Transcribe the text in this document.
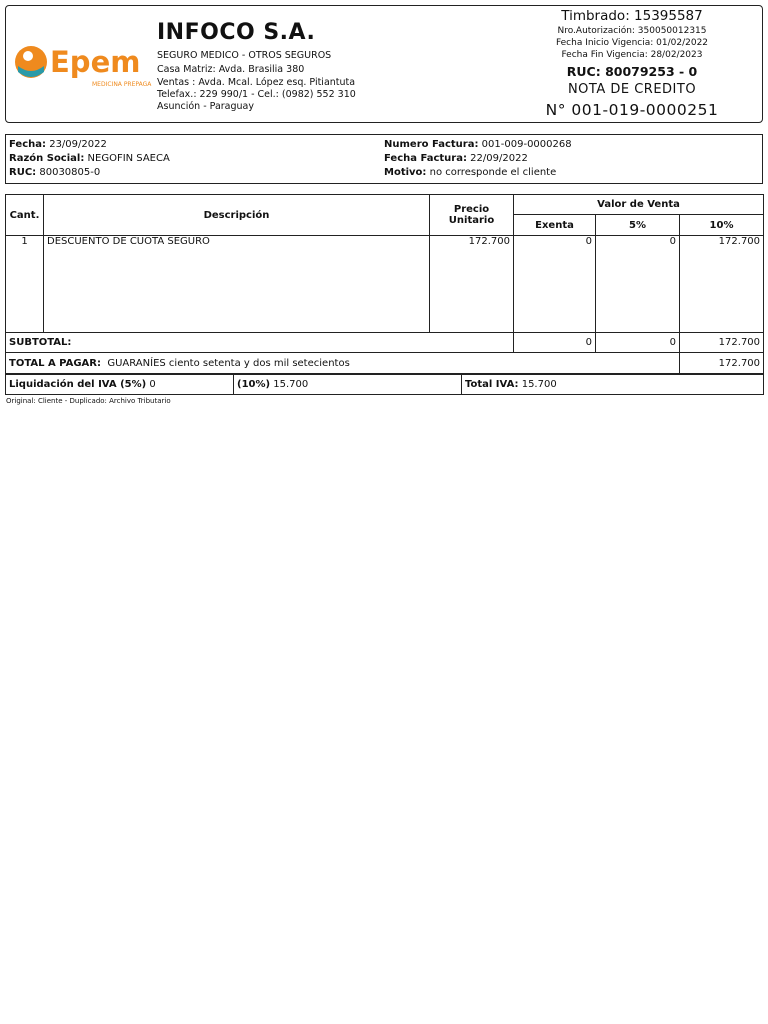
Epem
MEDICINA PREPAGA
INFOCO S.A.
SEGURO MEDICO - OTROS SEGUROS
Casa Matriz: Avda. Brasilia 380
Ventas : Avda. Mcal. López esq. Pitiantuta
Telefax.: 229 990/1 - Cel.: (0982) 552 310
Asunción - Paraguay
Timbrado: 15395587
Nro.Autorización: 350050012315
Fecha Inicio Vigencia: 01/02/2022
Fecha Fin Vigencia: 28/02/2023
RUC: 80079253 - 0
NOTA DE CREDITO
N° 001-019-0000251
Fecha: 23/09/2022
Razón Social: NEGOFIN SAECA
RUC: 80030805-0
Numero Factura: 001-009-0000268
Fecha Factura: 22/09/2022
Motivo: no corresponde el cliente
Cant.	Descripción	Precio
Unitario	Valor de Venta		
			Exenta	5%	10%
1	DESCUENTO DE CUOTA SEGURO	172.700	0	0	172.700
SUBTOTAL:			0	0	172.700
TOTAL A PAGAR: GUARANÍES ciento setenta y dos mil setecientos					172.700
Liquidación del IVA (5%) 0	(10%) 15.700	Total IVA: 15.700
Original: Cliente - Duplicado: Archivo Tributario
